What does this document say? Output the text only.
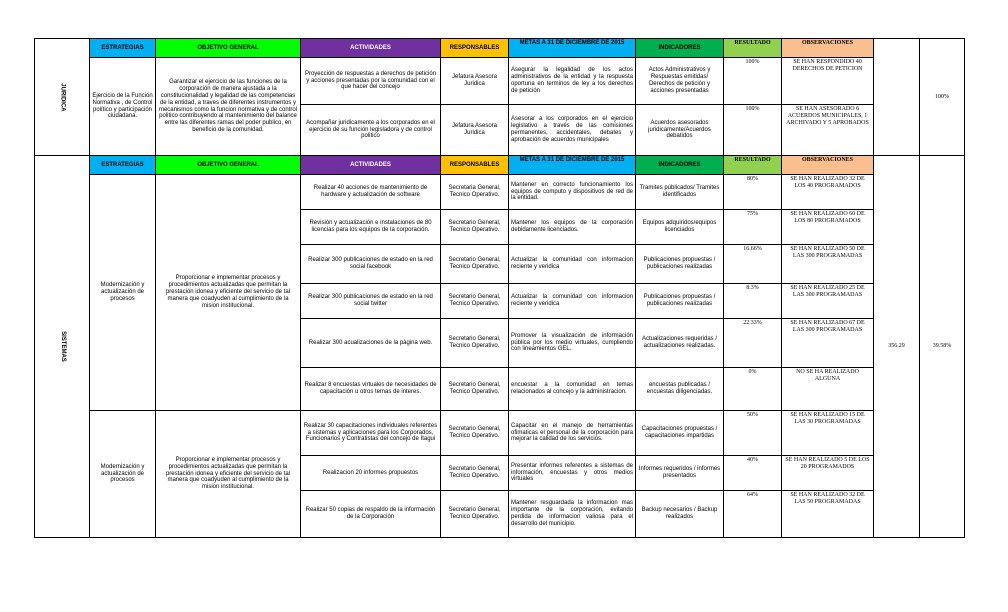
JURIDICA	ESTRATEGIAS	OBJETIVO GENERAL	ACTIVIDADES	RESPONSABLES	METAS A 31 DE DICIEMBRE DE 2015	INDICADORES	RESULTADO	OBSERVACIONES		100%
	Ejercicio de la Función Normativa , de Control político y participación ciudadana.	Garantizar el ejercicio de las funciones de la corporación de manera ajustada a la constitucionalidad y legalidad de las competencias de la entidad, a traves de diferentes instrumentos y mecanismos como la funcion normativa y de control politico contribuyendo al mantenimiento del balance entre las diferentes ramas del poder publico, en beneficio de la comunidad.	Proyección de respuestas a derechos de petición y acciones presentadas por la comunidad con el que hacer del concejo	Jefatura Asesora Juridica	Asegurar la legalidad de los actos administrativos de la entidad y la respuesta oportuna en terminos de ley a los derechos de petición	Actos Administrativos y Respuestas emitidas/ Derechos de petición y acciones presentadas	100%	SE HAN RESPONDIDO 40 DERECHOS DE PETICION		
			Acompañar juridicamente a los corporados en el ejercicio de su función legisladora y de control politico	Jefatura Asesora Juridica	Asesorar a los corporados en el ejercicio legislativo a través de las comisiones permanentes, accidentales, debates y aprobación de acuerdos municipales	Acuerdos asesorados juridicamente/Acuerdos debatidos	100%	SE HAN ASESORADO 6 ACUERDOS MUNICIPALES, 1 ARCHIVADO Y 5 APROBADOS		
SISTEMAS	ESTRATEGIAS	OBJETIVO GENERAL	ACTIVIDADES	RESPONSABLES	METAS A 31 DE DICIEMBRE DE 2015	INDICADORES	RESULTADO	OBSERVACIONES	356.29	39.58%
	Modernización y actualización de procesos	Proporcionar e implementar procesos y procedimientos actualizadas que permitan la prestación idonea y eficiente del servicio de tal manera que coadyuden al cumplimiento de la mision institucional.	Realizar 40 acciones de mantenimiento de hardware y actualización de software	Secretaria General, Tecnico Operativo.	Mantener en correcto funcionamiento los equipos de computo y dispositivos de red de la entidad.	Tramites públicados/ Tramites identificados	80%	SE HAN REALIZADO 32 DE LOS 40 PROGRAMADOS		
			Revisión y actualización e instalaciones de 80 licencias para los equipos de la corporación.	Secretario General, Tecnico Operativo.	Mantener los equipos de la corporación debidamente licenciados.	Equipos adquiridos/equipos licenciados	75%	SE HAN REALIZADO 60 DE LOS 80 PROGRAMADOS		
			Realizar 300 publicaciones de estado en la red social facebook	Secretario General, Tecnico Operativo.	Actualizar la comunidad con informacion reciente y veridica	Publicaciones propuestas / publicaciones realizadas	16.66%	SE HAN REALIZADO 50 DE LAS 300 PROGRAMADAS		
			Realizar 300 publicaciones de estado en la red social twitter	Secretario General, Tecnico Operativo.	Actualizar la comunidad con informacion reciente y veridica	Publicaciones propuestas / publicaciones realizadas	8.3%	SE HAN REALIZADO 25 DE LAS 300 PROGRAMADAS		
			Realizar 300 acualizaciones de la pàgina web.	Secretario General, Tecnico Operativo.	Promover la visualización de información pública por los medio virtuales, cumpliendo con lineamientos GEL.	Actualizaciones requeridas / actualizaciones realizadas.	22.33%	SE HAN REALIZADO 67 DE LAS 300 PROGRAMADAS		
			Realizar 8 encuestas virtuales de necesidades de capacitación u otros temas de interes.	Secretario General, Tecnico Operativo.	encuestar a la comunidad en temas relacionados al concejo y la administracion.	encuestas publicadas / encuestas diligenciadas.	0%	NO SE HA REALIZADO ALGUNA		
	Modernización y actualización de procesos	Proporcionar e implementar procesos y procedimientos actualizadas que permitan la prestación idonea y eficiente del servicio de tal manera que coadyuden al cumplimiento de la mision institucional.	Realizar 30 capacitaciones individuales referentes a sistemas y aplicaciones para los Corporados, Funcionarios y Contratistas del concejo de Itagui	Secretario General, Tecnico Operativo.	Capacitar en el manejo de herramientas ofimaticas el personal de la corporación para mejorar la calidad de los servicios.	Capacitaciones propuestas / capacitaciones impartidas	50%	SE HAN REALIZADO 15 DE LAS 30 PROGRAMADAS		
			Realizacion 20 informes propuestos	Secretario General, Tecnico Operativo.	Presentar informes referentes a sistemas de información, encuestas y otros medios virtuales	Informes requeridos / informes presentados	40%	SE HAN REALIZADO 5 DE LOS 20 PROGRAMADOS		
			Realizar 50 copias de respaldo de la información de la Corporación	Secretario General, Tecnico Operativo.	Mantener resguardada la informacion mas importante de la corporación, evitando perdida de informacion valiosa para el desarrollo del municipio.	Backup necesarios / Backup realizados	64%	SE HAN REALIZADO 32 DE LAS 50 PROGRAMADAS		
